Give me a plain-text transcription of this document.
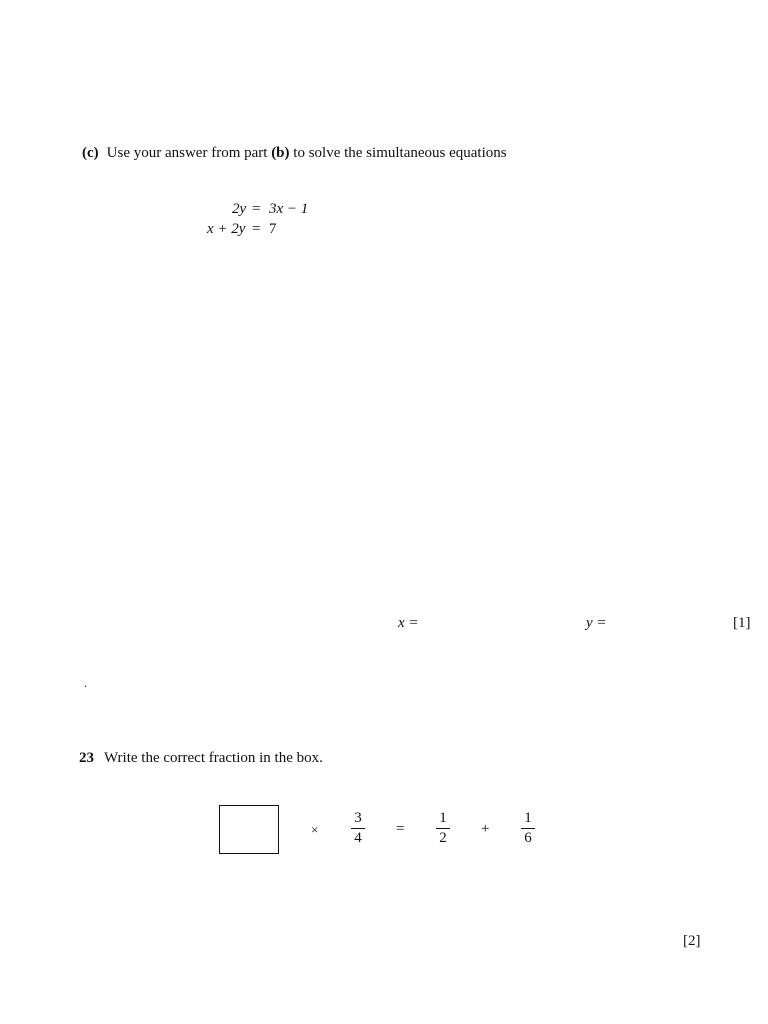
(c) Use your answer from part (b) to solve the simultaneous equations
2y = 3x − 1
x + 2y = 7
x =	y =	[1]
.
23 Write the correct fraction in the box.
×
3
4
=
1
2
+
1
6
[2]
